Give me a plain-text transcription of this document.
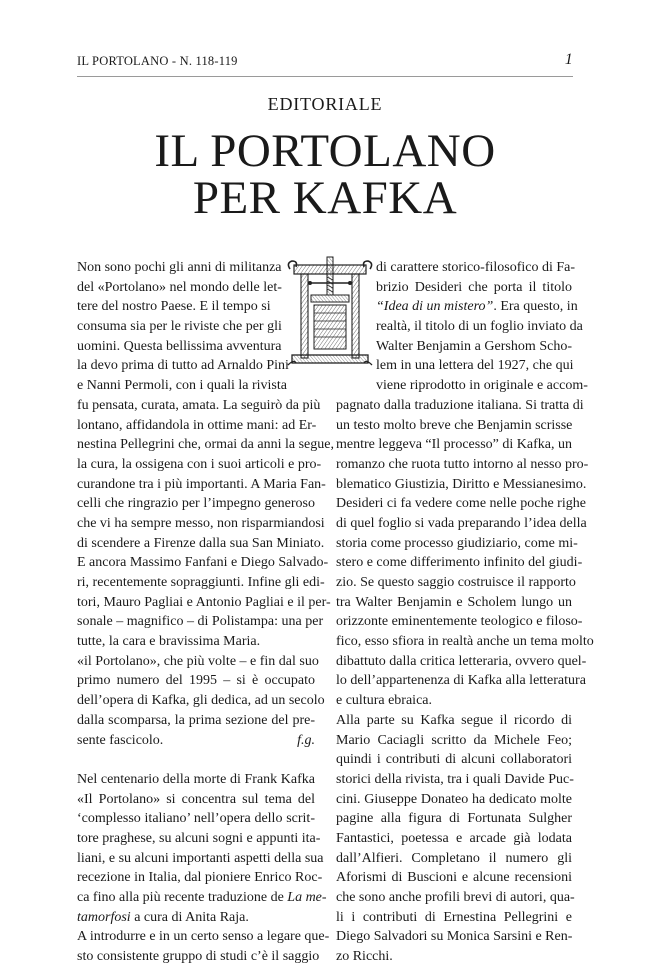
IL PORTOLANO - N. 118-119	1
EDITORIALE
IL PORTOLANO
PER KAFKA
Non sono pochi gli anni di militanza
del «Portolano» nel mondo delle let-
tere del nostro Paese. E il tempo si
consuma sia per le riviste che per gli
uomini. Questa bellissima avventura
la devo prima di tutto ad Arnaldo Pini
e Nanni Permoli, con i quali la rivista
fu pensata, curata, amata. La seguirò da più
lontano, affidandola in ottime mani: ad Er-
nestina Pellegrini che, ormai da anni la segue,
la cura, la ossigena con i suoi articoli e pro-
curandone tra i più importanti. A Maria Fan-
celli che ringrazio per l’impegno generoso
che vi ha sempre messo, non risparmiandosi
di scendere a Firenze dalla sua San Miniato.
E ancora Massimo Fanfani e Diego Salvado-
ri, recentemente sopraggiunti. Infine gli edi-
tori, Mauro Pagliai e Antonio Pagliai e il per-
sonale – magnifico – di Polistampa: una per
tutte, la cara e bravissima Maria.
«il Portolano», che più volte – e fin dal suo
primo numero del 1995 – si è occupato
dell’opera di Kafka, gli dedica, ad un secolo
dalla scomparsa, la prima sezione del pre-
sente fascicolo.	f.g.
Nel centenario della morte di Frank Kafka
«Il Portolano» si concentra sul tema del
‘complesso italiano’ nell’opera dello scrit-
tore praghese, su alcuni sogni e appunti ita-
liani, e su alcuni importanti aspetti della sua
recezione in Italia, dal pioniere Enrico Roc-
ca fino alla più recente traduzione de La me-
tamorfosi a cura di Anita Raja.
A introdurre e in un certo senso a legare que-
sto consistente gruppo di studi c’è il saggio
di carattere storico-filosofico di Fa-
brizio Desideri che porta il titolo
“Idea di un mistero”. Era questo, in
realtà, il titolo di un foglio inviato da
Walter Benjamin a Gershom Scho-
lem in una lettera del 1927, che qui
viene riprodotto in originale e accom-
pagnato dalla traduzione italiana. Si tratta di
un testo molto breve che Benjamin scrisse
mentre leggeva “Il processo” di Kafka, un
romanzo che ruota tutto intorno al nesso pro-
blematico Giustizia, Diritto e Messianesimo.
Desideri ci fa vedere come nelle poche righe
di quel foglio si vada preparando l’idea della
storia come processo giudiziario, come mi-
stero e come differimento infinito del giudi-
zio. Se questo saggio costruisce il rapporto
tra Walter Benjamin e Scholem lungo un
orizzonte eminentemente teologico e filoso-
fico, esso sfiora in realtà anche un tema molto
dibattuto dalla critica letteraria, ovvero quel-
lo dell’appartenenza di Kafka alla letteratura
e cultura ebraica.
Alla parte su Kafka segue il ricordo di
Mario Caciagli scritto da Michele Feo;
quindi i contributi di alcuni collaboratori
storici della rivista, tra i quali Davide Puc-
cini. Giuseppe Donateo ha dedicato molte
pagine alla figura di Fortunata Sulgher
Fantastici, poetessa e arcade già lodata
dall’Alfieri. Completano il numero gli
Aforismi di Buscioni e alcune recensioni
che sono anche profili brevi di autori, qua-
li i contributi di Ernestina Pellegrini e
Diego Salvadori su Monica Sarsini e Ren-
zo Ricchi.
